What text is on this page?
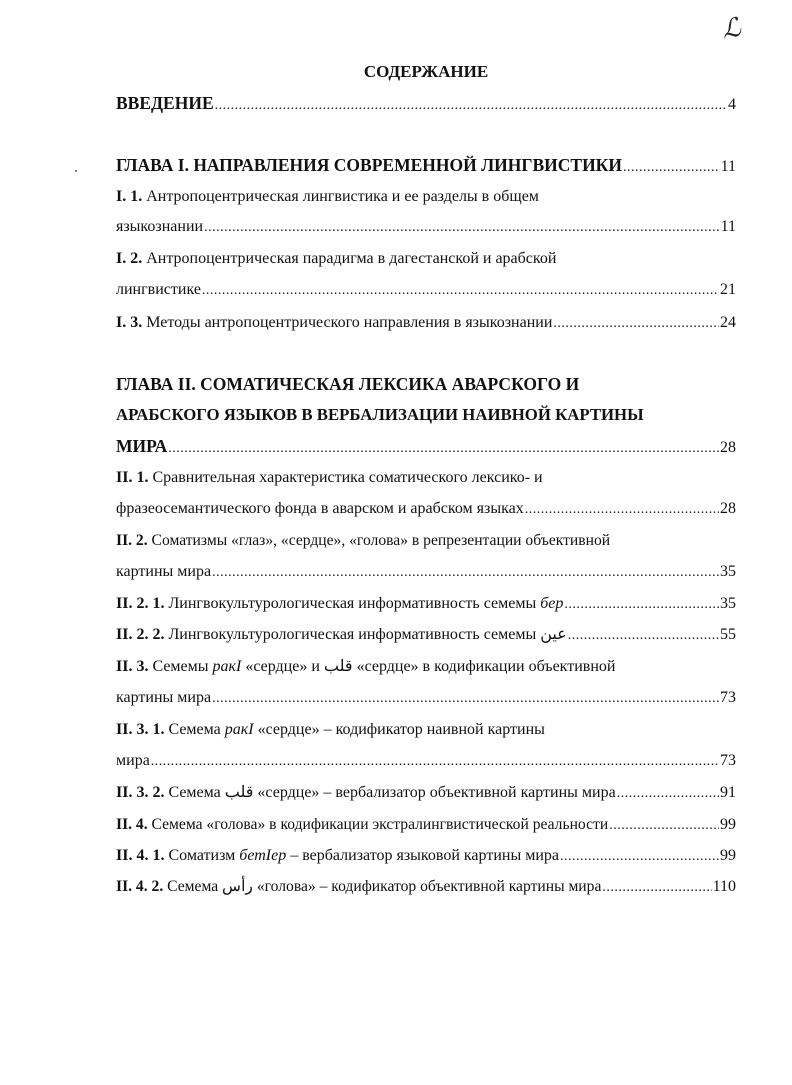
ℒ
СОДЕРЖАНИЕ
ВВЕДЕНИЕ .....	4
ГЛАВА I. НАПРАВЛЕНИЯ СОВРЕМЕННОЙ ЛИНГВИСТИКИ .....	11
I. 1. Антропоцентрическая лингвистика и ее разделы в общем
языкознании .....	11
I. 2. Антропоцентрическая парадигма в дагестанской и арабской
лингвистике .....	21
I. 3. Методы антропоцентрического направления в языкознании .....	24
ГЛАВА II. СОМАТИЧЕСКАЯ ЛЕКСИКА АВАРСКОГО И
АРАБСКОГО ЯЗЫКОВ В ВЕРБАЛИЗАЦИИ НАИВНОЙ КАРТИНЫ
МИРА .....	28
II. 1. Сравнительная характеристика соматического лексико- и
фразеосемантического фонда в аварском и арабском языках .....	28
II. 2. Соматизмы «глаз», «сердце», «голова» в репрезентации объективной
картины мира .....	35
II. 2. 1. Лингвокультурологическая информативность семемы бер .....	35
II. 2. 2. Лингвокультурологическая информативность семемы عين .....	55
II. 3. Семемы ракI «сердце» и قلب «сердце» в кодификации объективной
картины мира .....	73
II. 3. 1. Семема ракI «сердце» – кодификатор наивной картины
мира .....	73
II. 3. 2. Семема قلب «сердце» – вербализатор объективной картины мира .....	91
II. 4. Семема «голова» в кодификации экстралингвистической реальности .....	99
II. 4. 1. Соматизм бетIер – вербализатор языковой картины мира .....	99
II. 4. 2. Семема رأس «голова» – кодификатор объективной картины мира .....	110
